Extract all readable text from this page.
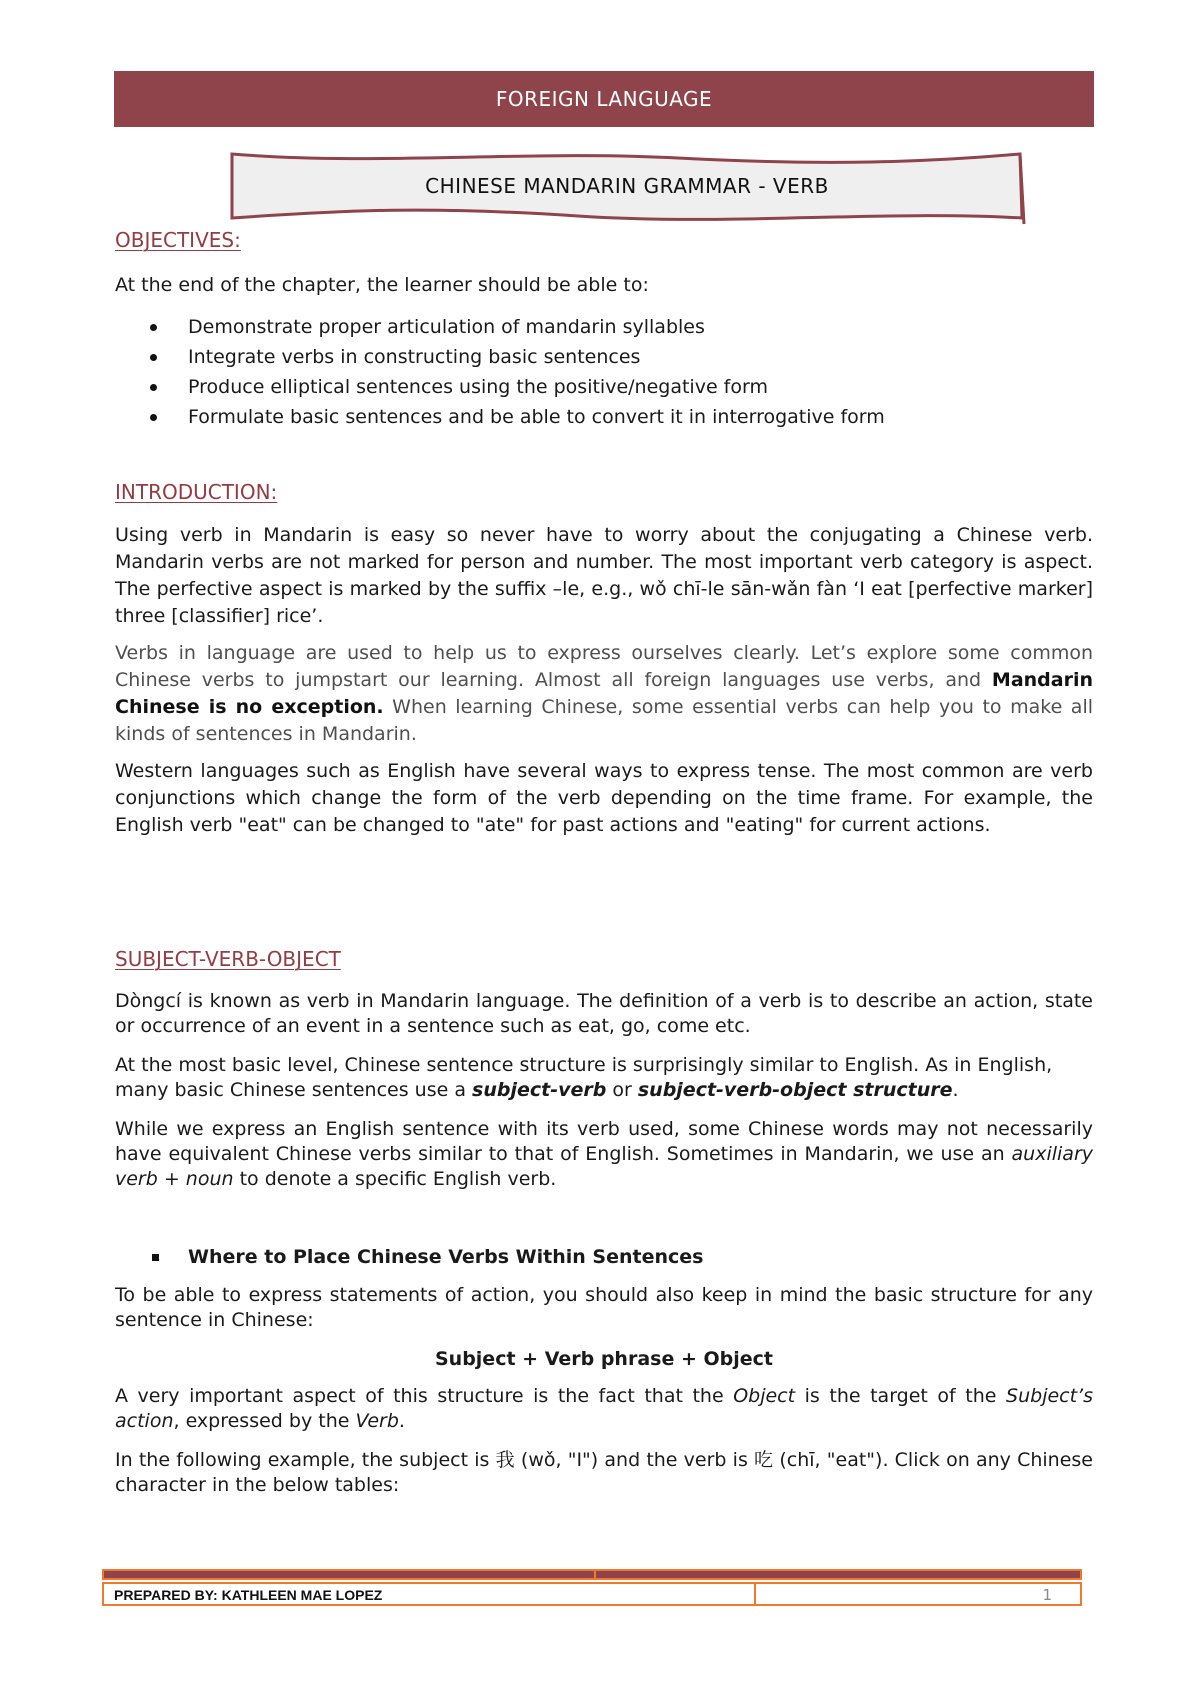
FOREIGN LANGUAGE
CHINESE MANDARIN GRAMMAR - VERB
OBJECTIVES:

At the end of the chapter, the learner should be able to:

Demonstrate proper articulation of mandarin syllables
Integrate verbs in constructing basic sentences
Produce elliptical sentences using the positive/negative form
Formulate basic sentences and be able to convert it in interrogative form
INTRODUCTION:

Using verb in Mandarin is easy so never have to worry about the conjugating a Chinese verb. Mandarin verbs are not marked for person and number. The most important verb category is aspect. The perfective aspect is marked by the suffix –le, e.g., wǒ chī-le sān-wǎn fàn ‘I eat [perfective marker] three [classifier] rice’.

Verbs in language are used to help us to express ourselves clearly. Let’s explore some common Chinese verbs to jumpstart our learning. Almost all foreign languages use verbs, and Mandarin Chinese is no exception. When learning Chinese, some essential verbs can help you to make all kinds of sentences in Mandarin.

Western languages such as English have several ways to express tense. The most common are verb conjunctions which change the form of the verb depending on the time frame. For example, the English verb "eat" can be changed to "ate" for past actions and "eating" for current actions.

SUBJECT-VERB-OBJECT

Dòngcí is known as verb in Mandarin language. The definition of a verb is to describe an action, state or occurrence of an event in a sentence such as eat, go, come etc.

At the most basic level, Chinese sentence structure is surprisingly similar to English. As in English, many basic Chinese sentences use a subject-verb or subject-verb-object structure.

While we express an English sentence with its verb used, some Chinese words may not necessarily have equivalent Chinese verbs similar to that of English. Sometimes in Mandarin, we use an auxiliary verb + noun to denote a specific English verb.

Where to Place Chinese Verbs Within Sentences

To be able to express statements of action, you should also keep in mind the basic structure for any sentence in Chinese:

Subject + Verb phrase + Object

A very important aspect of this structure is the fact that the Object is the target of the Subject’s action, expressed by the Verb.

In the following example, the subject is 我 (wǒ, "I") and the verb is 吃 (chī, "eat"). Click on any Chinese character in the below tables:

PREPARED BY: KATHLEEN MAE LOPEZ	1
